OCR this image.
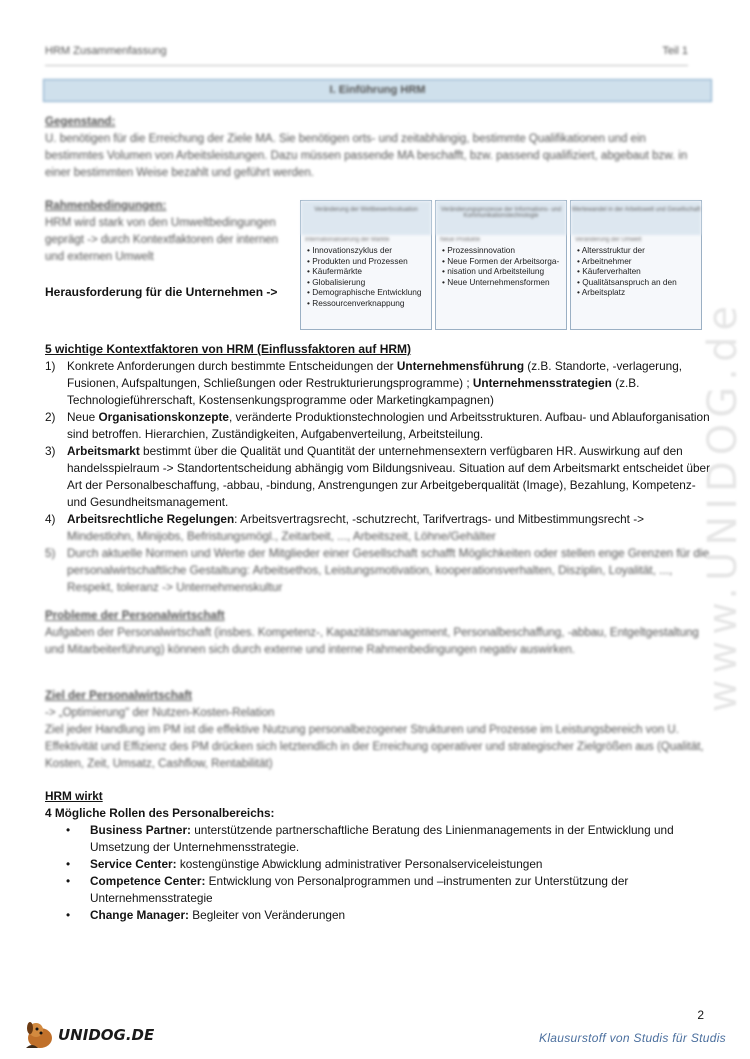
HRM Zusammenfassung	Teil 1
I. Einführung HRM
Gegenstand:
U. benötigen für die Erreichung der Ziele MA. Sie benötigen orts- und zeitabhängig, bestimmte Qualifikationen und ein bestimmtes Volumen von Arbeitsleistungen. Dazu müssen passende MA beschafft, bzw. passend qualifiziert, abgebaut bzw. in einer bestimmten Weise bezahlt und geführt werden.
Rahmenbedingungen:
HRM wird stark von den Umweltbedingungen geprägt -> durch Kontextfaktoren der internen und externen Umwelt
Herausforderung für die Unternehmen ->
Veränderung der Wettbewerbssituation
Internationalisierung der Märkte
• Innovationszyklus der
• Produkten und Prozessen
• Käufermärkte
• Globalisierung
• Demographische Entwicklung
• Ressourcenverknappung
Veränderungsprozesse der Informations- und Kommunikationstechnologie
Neue Produkte
• Prozessinnovation
• Neue Formen der Arbeitsorga-
• nisation und Arbeitsteilung
• Neue Unternehmensformen
Wertewandel in der Arbeitswelt und Gesellschaft
Veränderung der Umwelt
• Altersstruktur der
• Arbeitnehmer
• Käuferverhalten
• Qualitätsanspruch an den
• Arbeitsplatz
5 wichtige Kontextfaktoren von HRM (Einflussfaktoren auf HRM)
1) Konkrete Anforderungen durch bestimmte Entscheidungen der Unternehmensführung (z.B. Standorte, -verlagerung, Fusionen, Aufspaltungen, Schließungen oder Restrukturierungsprogramme) ; Unternehmensstrategien (z.B. Technologieführerschaft, Kostensenkungsprogramme oder Marketingkampagnen)
2) Neue Organisationskonzepte, veränderte Produktionstechnologien und Arbeitsstrukturen. Aufbau- und Ablauforganisation sind betroffen. Hierarchien, Zuständigkeiten, Aufgabenverteilung, Arbeitsteilung.
3) Arbeitsmarkt bestimmt über die Qualität und Quantität der unternehmensextern verfügbaren HR. Auswirkung auf den handelsspielraum -> Standortentscheidung abhängig vom Bildungsniveau. Situation auf dem Arbeitsmarkt entscheidet über Art der Personalbeschaffung, -abbau, -bindung, Anstrengungen zur Arbeitgeberqualität (Image), Bezahlung, Kompetenz- und Gesundheitsmanagement.
4) Arbeitsrechtliche Regelungen: Arbeitsvertragsrecht, -schutzrecht, Tarifvertrags- und Mitbestimmungsrecht ->
Mindestlohn, Minijobs, Befristungsmögl., Zeitarbeit, ..., Arbeitszeit, Löhne/Gehälter
5) Durch aktuelle Normen und Werte der Mitglieder einer Gesellschaft schafft Möglichkeiten oder stellen enge Grenzen für die personalwirtschaftliche Gestaltung: Arbeitsethos, Leistungsmotivation, kooperationsverhalten, Disziplin, Loyalität, ..., Respekt, toleranz -> Unternehmenskultur
Probleme der Personalwirtschaft
Aufgaben der Personalwirtschaft (insbes. Kompetenz-, Kapazitätsmanagement, Personalbeschaffung, -abbau, Entgeltgestaltung und Mitarbeiterführung) können sich durch externe und interne Rahmenbedingungen negativ auswirken.
Ziel der Personalwirtschaft
-> „Optimierung" der Nutzen-Kosten-Relation
Ziel jeder Handlung im PM ist die effektive Nutzung personalbezogener Strukturen und Prozesse im Leistungsbereich von U. Effektivität und Effizienz des PM drücken sich letztendlich in der Erreichung operativer und strategischer Zielgrößen aus (Qualität, Kosten, Zeit, Umsatz, Cashflow, Rentabilität)
HRM wirkt
4 Mögliche Rollen des Personalbereichs:
• Business Partner: unterstützende partnerschaftliche Beratung des Linienmanagements in der Entwicklung und Umsetzung der Unternehmensstrategie.
• Service Center: kostengünstige Abwicklung administrativer Personalserviceleistungen
• Competence Center: Entwicklung von Personalprogrammen und –instrumenten zur Unterstützung der Unternehmensstrategie
• Change Manager: Begleiter von Veränderungen
www.UNIDOG.de
2
UNIDOG.DE	Klausurstoff von Studis für Studis
